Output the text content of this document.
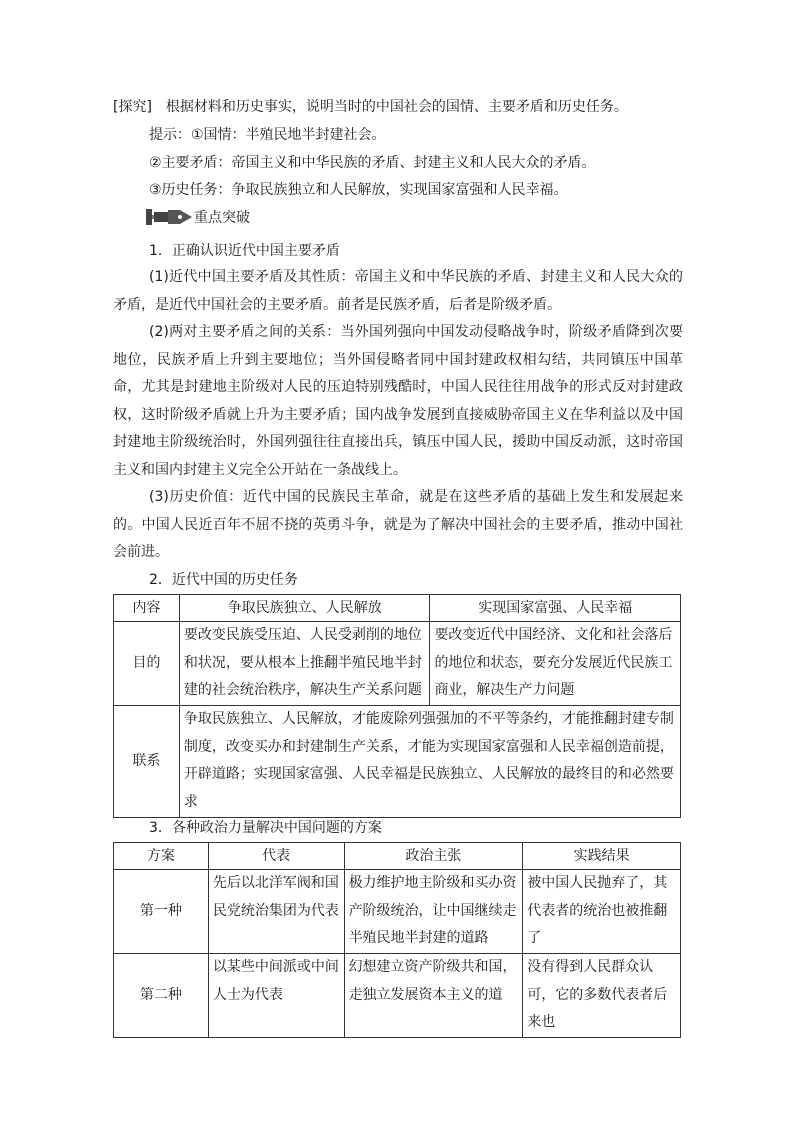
[探究]　根据材料和历史事实，说明当时的中国社会的国情、主要矛盾和历史任务。
提示：①国情：半殖民地半封建社会。
②主要矛盾：帝国主义和中华民族的矛盾、封建主义和人民大众的矛盾。
③历史任务：争取民族独立和人民解放，实现国家富强和人民幸福。
重点突破
1．正确认识近代中国主要矛盾
(1)近代中国主要矛盾及其性质：帝国主义和中华民族的矛盾、封建主义和人民大众的矛盾，是近代中国社会的主要矛盾。前者是民族矛盾，后者是阶级矛盾。
(2)两对主要矛盾之间的关系：当外国列强向中国发动侵略战争时，阶级矛盾降到次要地位，民族矛盾上升到主要地位；当外国侵略者同中国封建政权相勾结，共同镇压中国革命，尤其是封建地主阶级对人民的压迫特别残酷时，中国人民往往用战争的形式反对封建政权，这时阶级矛盾就上升为主要矛盾；国内战争发展到直接威胁帝国主义在华利益以及中国封建地主阶级统治时，外国列强往往直接出兵，镇压中国人民，援助中国反动派，这时帝国主义和国内封建主义完全公开站在一条战线上。
(3)历史价值：近代中国的民族民主革命，就是在这些矛盾的基础上发生和发展起来的。中国人民近百年不屈不挠的英勇斗争，就是为了解决中国社会的主要矛盾，推动中国社会前进。
2．近代中国的历史任务
内容	争取民族独立、人民解放	实现国家富强、人民幸福
目的	要改变民族受压迫、人民受剥削的地位和状况，要从根本上推翻半殖民地半封建的社会统治秩序，解决生产关系问题	要改变近代中国经济、文化和社会落后的地位和状态，要充分发展近代民族工商业，解决生产力问题
联系	争取民族独立、人民解放，才能废除列强强加的不平等条约，才能推翻封建专制制度，改变买办和封建制生产关系，才能为实现国家富强和人民幸福创造前提，开辟道路；实现国家富强、人民幸福是民族独立、人民解放的最终目的和必然要求	
3．各种政治力量解决中国问题的方案
方案	代表	政治主张	实践结果
第一种	先后以北洋军阀和国民党统治集团为代表	极力维护地主阶级和买办资产阶级统治，让中国继续走半殖民地半封建的道路	被中国人民抛弃了，其代表者的统治也被推翻了
第二种	以某些中间派或中间人士为代表	幻想建立资产阶级共和国，走独立发展资本主义的道	没有得到人民群众认可，它的多数代表者后来也
